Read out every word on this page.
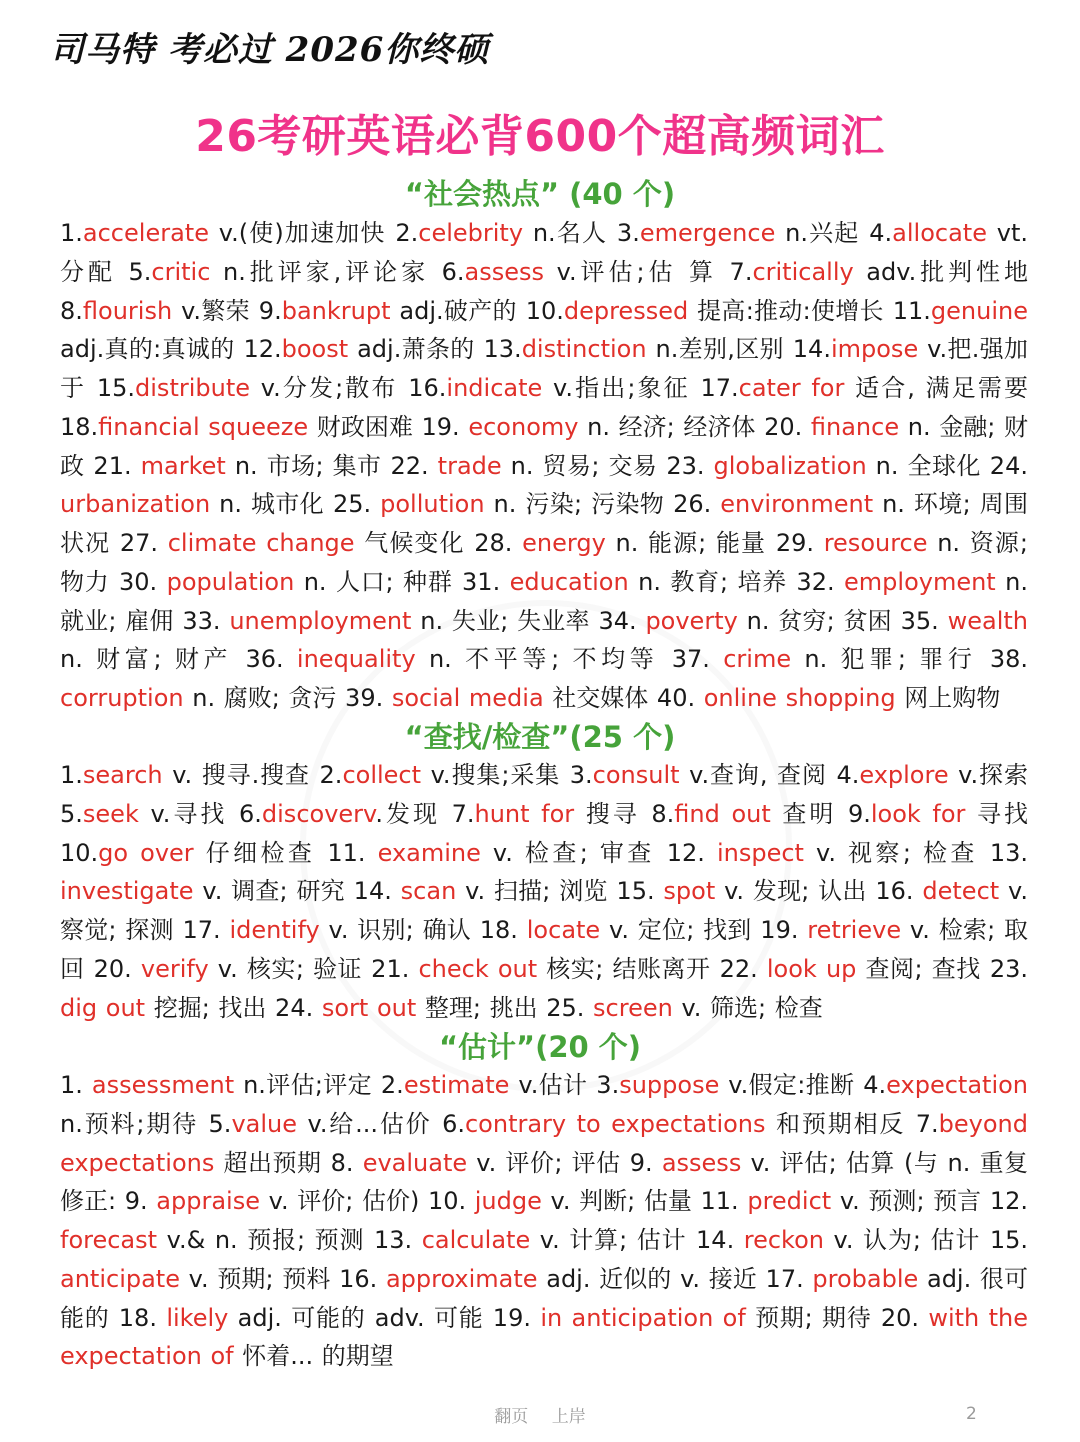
司马特 考必过 2026你终硕
26考研英语必背600个超高频词汇
“社会热点” (40 个)
1.accelerate v.(使)加速加快 2.celebrity n.名人 3.emergence n.兴起 4.allocate vt.分配 5.critic n.批评家,评论家 6.assess v.评估;估 算 7.critically adv.批判性地 8.flourish v.繁荣 9.bankrupt adj.破产的 10.depressed 提高:推动:使增长 11.genuine adj.真的:真诚的 12.boost adj.萧条的 13.distinction n.差别,区别 14.impose v.把.强加于 15.distribute v.分发;散布 16.indicate v.指出;象征 17.cater for 适合, 满足需要 18.financial squeeze 财政困难 19. economy n. 经济; 经济体 20. finance n. 金融; 财政 21. market n. 市场; 集市 22. trade n. 贸易; 交易 23. globalization n. 全球化 24. urbanization n. 城市化 25. pollution n. 污染; 污染物 26. environment n. 环境; 周围状况 27. climate change 气候变化 28. energy n. 能源; 能量 29. resource n. 资源; 物力 30. population n. 人口; 种群 31. education n. 教育; 培养 32. employment n. 就业; 雇佣 33. unemployment n. 失业; 失业率 34. poverty n. 贫穷; 贫困 35. wealth n. 财富; 财产 36. inequality n. 不平等; 不均等 37. crime n. 犯罪; 罪行 38. corruption n. 腐败; 贪污 39. social media 社交媒体 40. online shopping 网上购物
“查找/检查”(25 个)
1.search v. 搜寻.搜查 2.collect v.搜集;采集 3.consult v.查询, 查阅 4.explore v.探索 5.seek v.寻找 6.discoverv.发现 7.hunt for 搜寻 8.find out 查明 9.look for 寻找 10.go over 仔细检查 11. examine v. 检查; 审查 12. inspect v. 视察; 检查 13. investigate v. 调查; 研究 14. scan v. 扫描; 浏览 15. spot v. 发现; 认出 16. detect v. 察觉; 探测 17. identify v. 识别; 确认 18. locate v. 定位; 找到 19. retrieve v. 检索; 取回 20. verify v. 核实; 验证 21. check out 核实; 结账离开 22. look up 查阅; 查找 23. dig out 挖掘; 找出 24. sort out 整理; 挑出 25. screen v. 筛选; 检查
“估计”(20 个)
1. assessment n.评估;评定 2.estimate v.估计 3.suppose v.假定:推断 4.expectation n.预料;期待 5.value v.给...估价 6.contrary to expectations 和预期相反 7.beyond expectations 超出预期 8. evaluate v. 评价; 评估 9. assess v. 评估; 估算 (与 n. 重复修正: 9. appraise v. 评价; 估价) 10. judge v. 判断; 估量 11. predict v. 预测; 预言 12. forecast v.& n. 预报; 预测 13. calculate v. 计算; 估计 14. reckon v. 认为; 估计 15. anticipate v. 预期; 预料 16. approximate adj. 近似的 v. 接近 17. probable adj. 很可能的 18. likely adj. 可能的 adv. 可能 19. in anticipation of 预期; 期待 20. with the expectation of 怀着... 的期望
翻页 上岸	2
